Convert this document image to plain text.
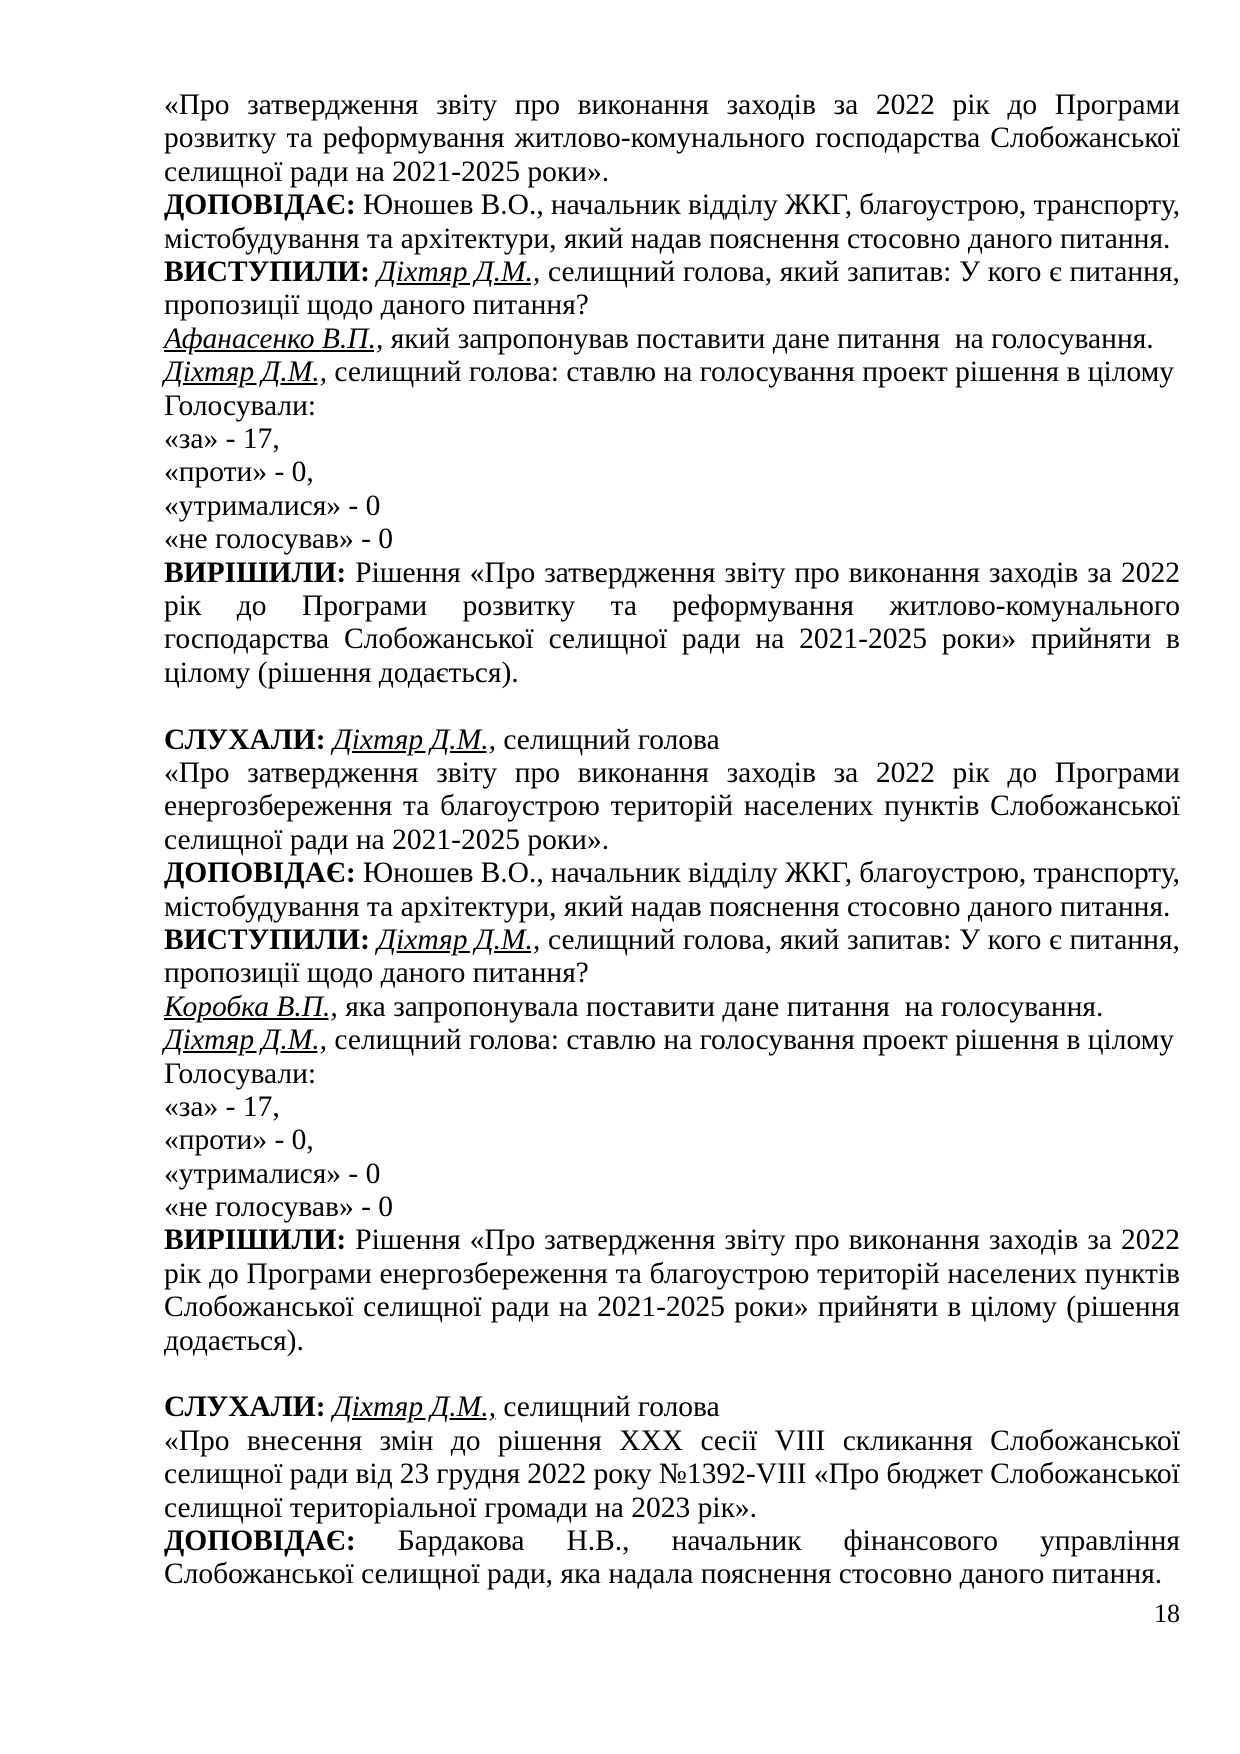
«Про затвердження звіту про виконання заходів за 2022 рік до Програми
розвитку та реформування житлово-комунального господарства Слобожанської
селищної ради на 2021-2025 роки».
ДОПОВІДАЄ: Юношев В.О., начальник відділу ЖКГ, благоустрою, транспорту,
містобудування та архітектури, який надав пояснення стосовно даного питання.
ВИСТУПИЛИ: Діхтяр Д.М., селищний голова, який запитав: У кого є питання,
пропозиції щодо даного питання?
Афанасенко В.П., який запропонував поставити дане питання  на голосування.
Діхтяр Д.М., селищний голова: ставлю на голосування проект рішення в цілому
Голосували:
«за» - 17,
«проти» - 0,
«утрималися» - 0
«не голосував» - 0
ВИРІШИЛИ: Рішення «Про затвердження звіту про виконання заходів за 2022
рік до Програми розвитку та реформування житлово-комунального
господарства Слобожанської селищної ради на 2021-2025 роки» прийняти в
цілому (рішення додається).
СЛУХАЛИ: Діхтяр Д.М., селищний голова
«Про затвердження звіту про виконання заходів за 2022 рік до Програми
енергозбереження та благоустрою територій населених пунктів Слобожанської
селищної ради на 2021-2025 роки».
ДОПОВІДАЄ: Юношев В.О., начальник відділу ЖКГ, благоустрою, транспорту,
містобудування та архітектури, який надав пояснення стосовно даного питання.
ВИСТУПИЛИ: Діхтяр Д.М., селищний голова, який запитав: У кого є питання,
пропозиції щодо даного питання?
Коробка В.П., яка запропонувала поставити дане питання  на голосування.
Діхтяр Д.М., селищний голова: ставлю на голосування проект рішення в цілому
Голосували:
«за» - 17,
«проти» - 0,
«утрималися» - 0
«не голосував» - 0
ВИРІШИЛИ: Рішення «Про затвердження звіту про виконання заходів за 2022
рік до Програми енергозбереження та благоустрою територій населених пунктів
Слобожанської селищної ради на 2021-2025 роки» прийняти в цілому (рішення
додається).
СЛУХАЛИ: Діхтяр Д.М., селищний голова
«Про внесення змін до рішення ХХХ сесії VIII скликання Слобожанської
селищної ради від 23 грудня 2022 року №1392-VIII «Про бюджет Слобожанської
селищної територіальної громади на 2023 рік».
ДОПОВІДАЄ: Бардакова Н.В., начальник фінансового управління
Слобожанської селищної ради, яка надала пояснення стосовно даного питання.
18
